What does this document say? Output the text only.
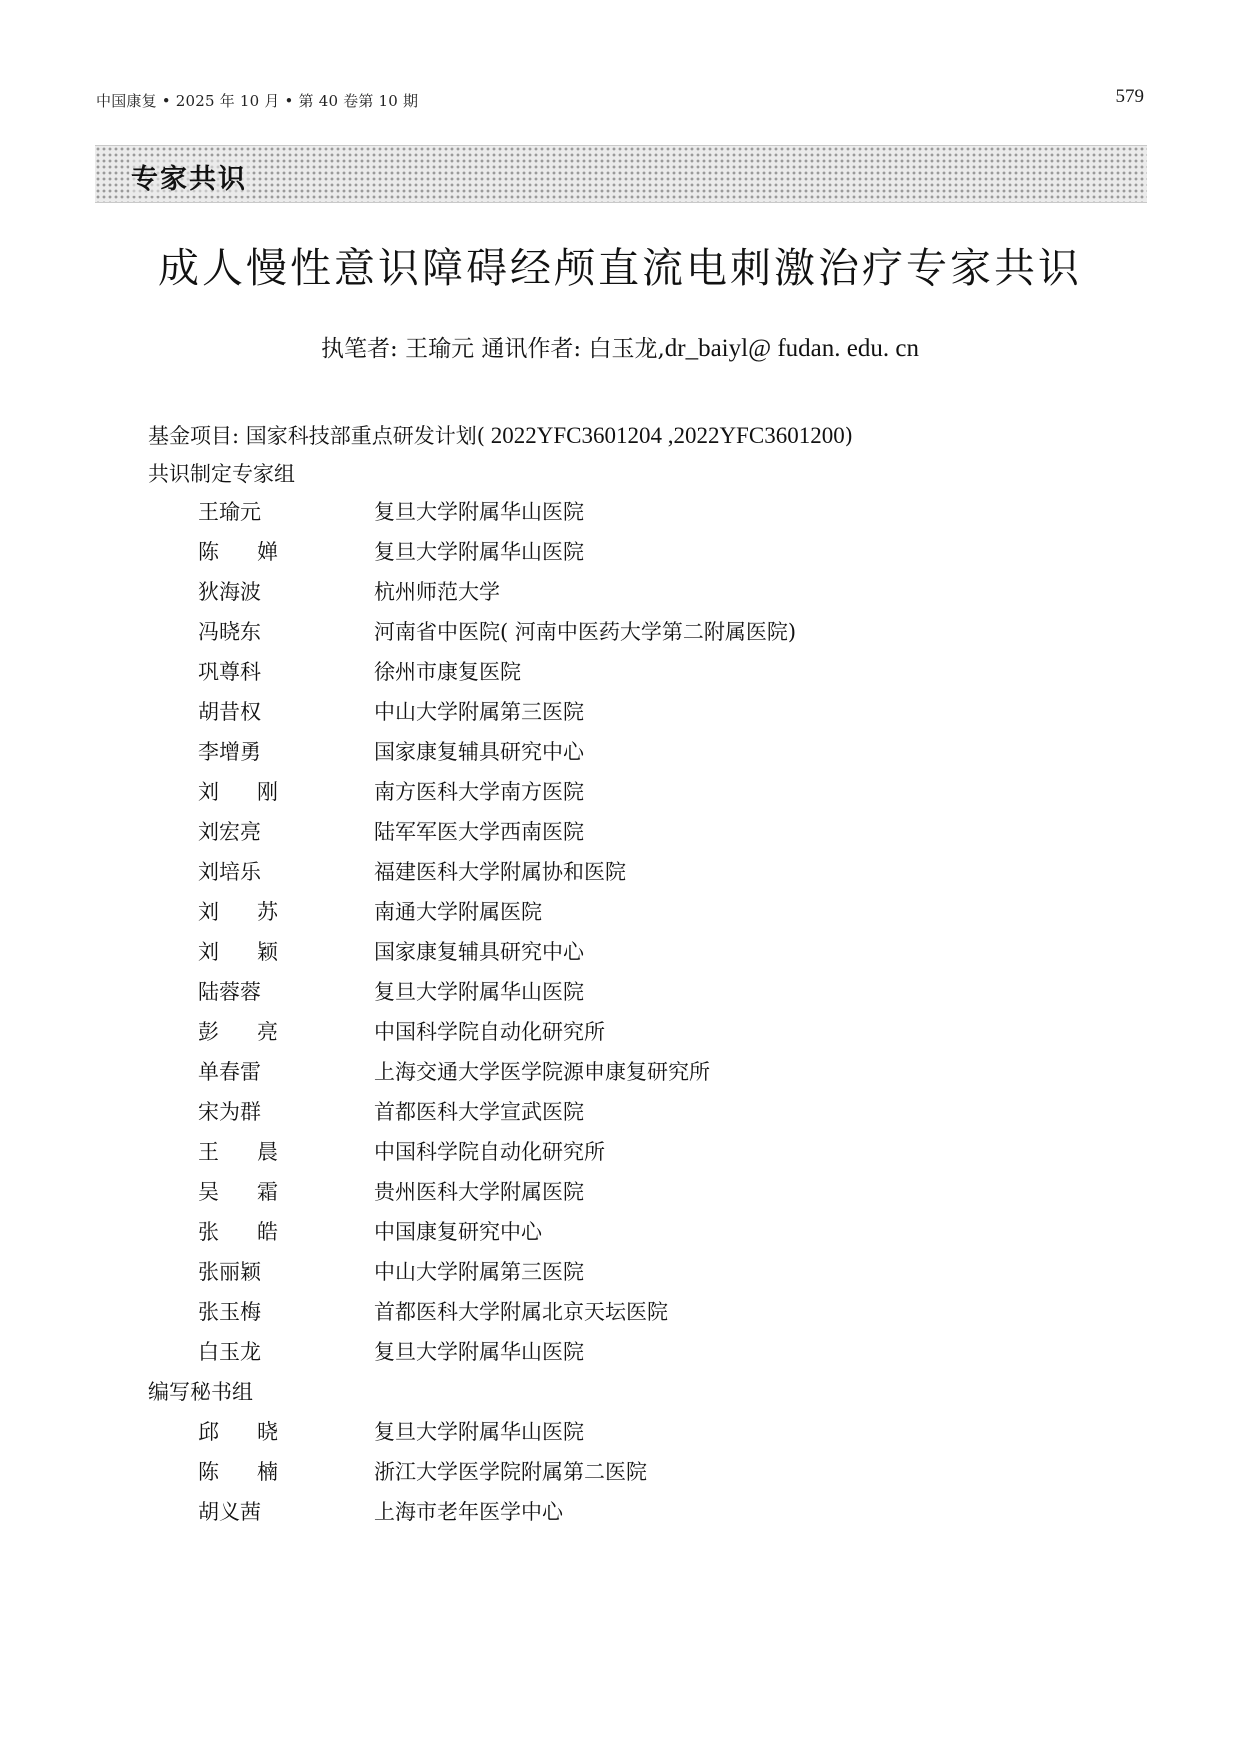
中国康复 • 2025 年 10 月 • 第 40 卷第 10 期	579
专家共识
成人慢性意识障碍经颅直流电刺激治疗专家共识
执笔者: 王瑜元 通讯作者: 白玉龙,dr_baiyl@ fudan. edu. cn
基金项目: 国家科技部重点研发计划( 2022YFC3601204 ,2022YFC3601200)
共识制定专家组
王瑜元	复旦大学附属华山医院
陈婵	复旦大学附属华山医院
狄海波	杭州师范大学
冯晓东	河南省中医院( 河南中医药大学第二附属医院)
巩尊科	徐州市康复医院
胡昔权	中山大学附属第三医院
李增勇	国家康复辅具研究中心
刘刚	南方医科大学南方医院
刘宏亮	陆军军医大学西南医院
刘培乐	福建医科大学附属协和医院
刘苏	南通大学附属医院
刘颖	国家康复辅具研究中心
陆蓉蓉	复旦大学附属华山医院
彭亮	中国科学院自动化研究所
单春雷	上海交通大学医学院源申康复研究所
宋为群	首都医科大学宣武医院
王晨	中国科学院自动化研究所
吴霜	贵州医科大学附属医院
张皓	中国康复研究中心
张丽颖	中山大学附属第三医院
张玉梅	首都医科大学附属北京天坛医院
白玉龙	复旦大学附属华山医院
编写秘书组
邱晓	复旦大学附属华山医院
陈楠	浙江大学医学院附属第二医院
胡义茜	上海市老年医学中心
